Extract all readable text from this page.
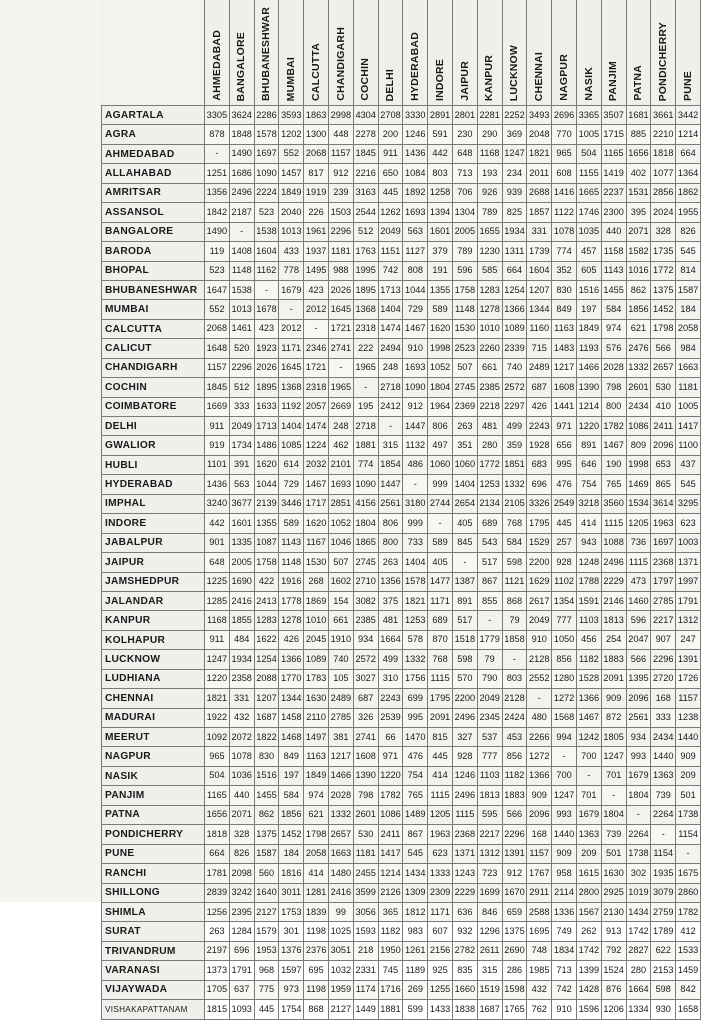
	AHMEDABAD	BANGALORE	BHUBANESHWAR	MUMBAI	CALCUTTA	CHANDIGARH	COCHIN	DELHI	HYDERABAD	INDORE	JAIPUR	KANPUR	LUCKNOW	CHENNAI	NAGPUR	NASIK	PANJIM	PATNA	PONDICHERRY	PUNE

AGARTALA	3305	3624	2286	3593	1863	2998	4304	2708	3330	2891	2801	2281	2252	3493	2696	3365	3507	1681	3661	3442
AGRA	878	1848	1578	1202	1300	448	2278	200	1246	591	230	290	369	2048	770	1005	1715	885	2210	1214
AHMEDABAD	-	1490	1697	552	2068	1157	1845	911	1436	442	648	1168	1247	1821	965	504	1165	1656	1818	664
ALLAHABAD	1251	1686	1090	1457	817	912	2216	650	1084	803	713	193	234	2011	608	1155	1419	402	1077	1364
AMRITSAR	1356	2496	2224	1849	1919	239	3163	445	1892	1258	706	926	939	2688	1416	1665	2237	1531	2856	1862
ASSANSOL	1842	2187	523	2040	226	1503	2544	1262	1693	1394	1304	789	825	1857	1122	1746	2300	395	2024	1955
BANGALORE	1490	-	1538	1013	1961	2296	512	2049	563	1601	2005	1655	1934	331	1078	1035	440	2071	328	826
BARODA	119	1408	1604	433	1937	1181	1763	1151	1127	379	789	1230	1311	1739	774	457	1158	1582	1735	545
BHOPAL	523	1148	1162	778	1495	988	1995	742	808	191	596	585	664	1604	352	605	1143	1016	1772	814
BHUBANESHWAR	1647	1538	-	1679	423	2026	1895	1713	1044	1355	1758	1283	1254	1207	830	1516	1455	862	1375	1587
MUMBAI	552	1013	1678	-	2012	1645	1368	1404	729	589	1148	1278	1366	1344	849	197	584	1856	1452	184
CALCUTTA	2068	1461	423	2012	-	1721	2318	1474	1467	1620	1530	1010	1089	1160	1163	1849	974	621	1798	2058
CALICUT	1648	520	1923	1171	2346	2741	222	2494	910	1998	2523	2260	2339	715	1483	1193	576	2476	566	984
CHANDIGARH	1157	2296	2026	1645	1721	-	1965	248	1693	1052	507	661	740	2489	1217	1466	2028	1332	2657	1663
COCHIN	1845	512	1895	1368	2318	1965	-	2718	1090	1804	2745	2385	2572	687	1608	1390	798	2601	530	1181
COIMBATORE	1669	333	1633	1192	2057	2669	195	2412	912	1964	2369	2218	2297	426	1441	1214	800	2434	410	1005
DELHI	911	2049	1713	1404	1474	248	2718	-	1447	806	263	481	499	2243	971	1220	1782	1086	2411	1417
GWALIOR	919	1734	1486	1085	1224	462	1881	315	1132	497	351	280	359	1928	656	891	1467	809	2096	1100
HUBLI	1101	391	1620	614	2032	2101	774	1854	486	1060	1060	1772	1851	683	995	646	190	1998	653	437
HYDERABAD	1436	563	1044	729	1467	1693	1090	1447	-	999	1404	1253	1332	696	476	754	765	1469	865	545
IMPHAL	3240	3677	2139	3446	1717	2851	4156	2561	3180	2744	2654	2134	2105	3326	2549	3218	3560	1534	3614	3295
INDORE	442	1601	1355	589	1620	1052	1804	806	999	-	405	689	768	1795	445	414	1115	1205	1963	623
JABALPUR	901	1335	1087	1143	1167	1046	1865	800	733	589	845	543	584	1529	257	943	1088	736	1697	1003
JAIPUR	648	2005	1758	1148	1530	507	2745	263	1404	405	-	517	598	2200	928	1248	2496	1115	2368	1371
JAMSHEDPUR	1225	1690	422	1916	268	1602	2710	1356	1578	1477	1387	867	1121	1629	1102	1788	2229	473	1797	1997
JALANDAR	1285	2416	2413	1778	1869	154	3082	375	1821	1171	891	855	868	2617	1354	1591	2146	1460	2785	1791
KANPUR	1168	1855	1283	1278	1010	661	2385	481	1253	689	517	-	79	2049	777	1103	1813	596	2217	1312
KOLHAPUR	911	484	1622	426	2045	1910	934	1664	578	870	1518	1779	1858	910	1050	456	254	2047	907	247
LUCKNOW	1247	1934	1254	1366	1089	740	2572	499	1332	768	598	79	-	2128	856	1182	1883	566	2296	1391
LUDHIANA	1220	2358	2088	1770	1783	105	3027	310	1756	1115	570	790	803	2552	1280	1528	2091	1395	2720	1726
CHENNAI	1821	331	1207	1344	1630	2489	687	2243	699	1795	2200	2049	2128	-	1272	1366	909	2096	168	1157
MADURAI	1922	432	1687	1458	2110	2785	326	2539	995	2091	2496	2345	2424	480	1568	1467	872	2561	333	1238
MEERUT	1092	2072	1822	1468	1497	381	2741	66	1470	815	327	537	453	2266	994	1242	1805	934	2434	1440
NAGPUR	965	1078	830	849	1163	1217	1608	971	476	445	928	777	856	1272	-	700	1247	993	1440	909
NASIK	504	1036	1516	197	1849	1466	1390	1220	754	414	1246	1103	1182	1366	700	-	701	1679	1363	209
PANJIM	1165	440	1455	584	974	2028	798	1782	765	1115	2496	1813	1883	909	1247	701	-	1804	739	501
PATNA	1656	2071	862	1856	621	1332	2601	1086	1489	1205	1115	595	566	2096	993	1679	1804	-	2264	1738
PONDICHERRY	1818	328	1375	1452	1798	2657	530	2411	867	1963	2368	2217	2296	168	1440	1363	739	2264	-	1154
PUNE	664	826	1587	184	2058	1663	1181	1417	545	623	1371	1312	1391	1157	909	209	501	1738	1154	-
RANCHI	1781	2098	560	1816	414	1480	2455	1214	1434	1333	1243	723	912	1767	958	1615	1630	302	1935	1675
SHILLONG	2839	3242	1640	3011	1281	2416	3599	2126	1309	2309	2229	1699	1670	2911	2114	2800	2925	1019	3079	2860
SHIMLA	1256	2395	2127	1753	1839	99	3056	365	1812	1171	636	846	659	2588	1336	1567	2130	1434	2759	1782
SURAT	263	1284	1579	301	1198	1025	1593	1182	983	607	932	1296	1375	1695	749	262	913	1742	1789	412
TRIVANDRUM	2197	696	1953	1376	2376	3051	218	1950	1261	2156	2782	2611	2690	748	1834	1742	792	2827	622	1533
VARANASI	1373	1791	968	1597	695	1032	2331	745	1189	925	835	315	286	1985	713	1399	1524	280	2153	1459
VIJAYWADA	1705	637	775	973	1198	1959	1174	1716	269	1255	1660	1519	1598	432	742	1428	876	1664	598	842
VISHAKAPATTANAM	1815	1093	445	1754	868	2127	1449	1881	599	1433	1838	1687	1765	762	910	1596	1206	1334	930	1658
